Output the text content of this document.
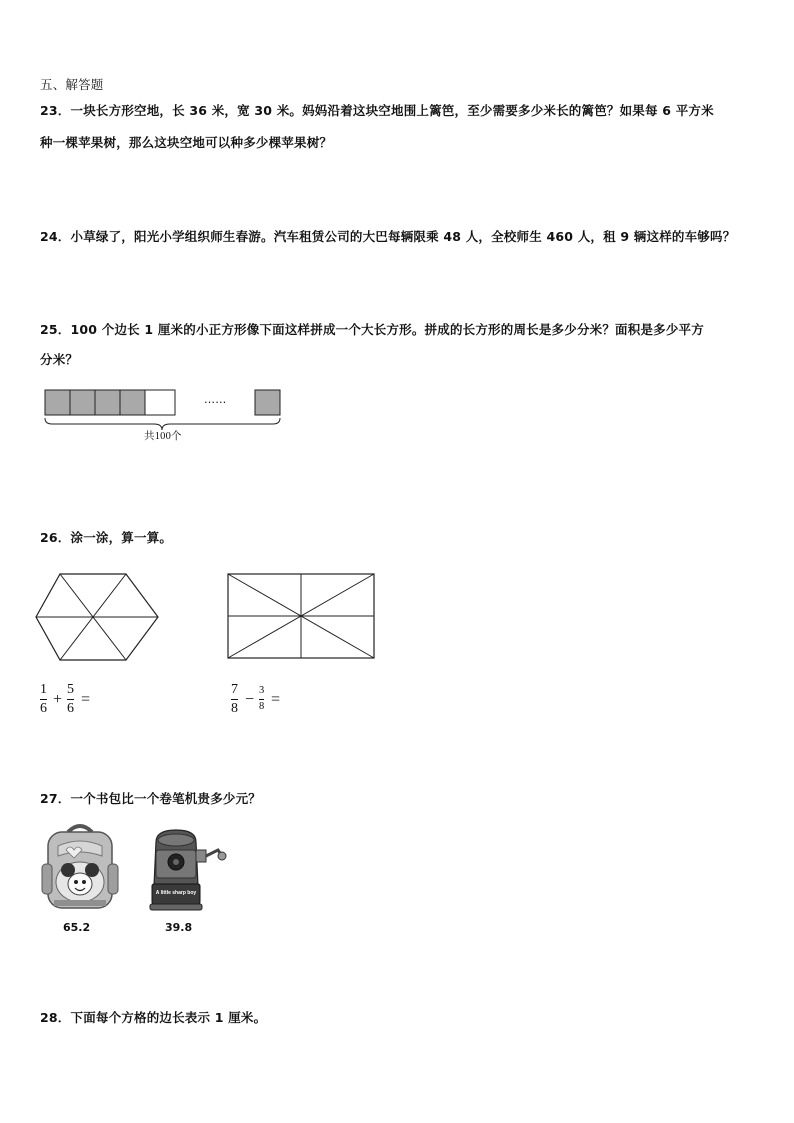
五、解答题
23．一块长方形空地，长 36 米，宽 30 米。妈妈沿着这块空地围上篱笆，至少需要多少米长的篱笆？如果每 6 平方米
种一棵苹果树，那么这块空地可以种多少棵苹果树？
24．小草绿了，阳光小学组织师生春游。汽车租赁公司的大巴每辆限乘 48 人，全校师生 460 人，租 9 辆这样的车够吗？
25．100 个边长 1 厘米的小正方形像下面这样拼成一个大长方形。拼成的长方形的周长是多少分米？面积是多少平方
分米？
……
共100个
26．涂一涂，算一算。
1
6
+
5
6
=
7
8
−
3
8 =
27．一个书包比一个卷笔机贵多少元？
65.2
A little sharp boy
39.8
28．下面每个方格的边长表示 1 厘米。
